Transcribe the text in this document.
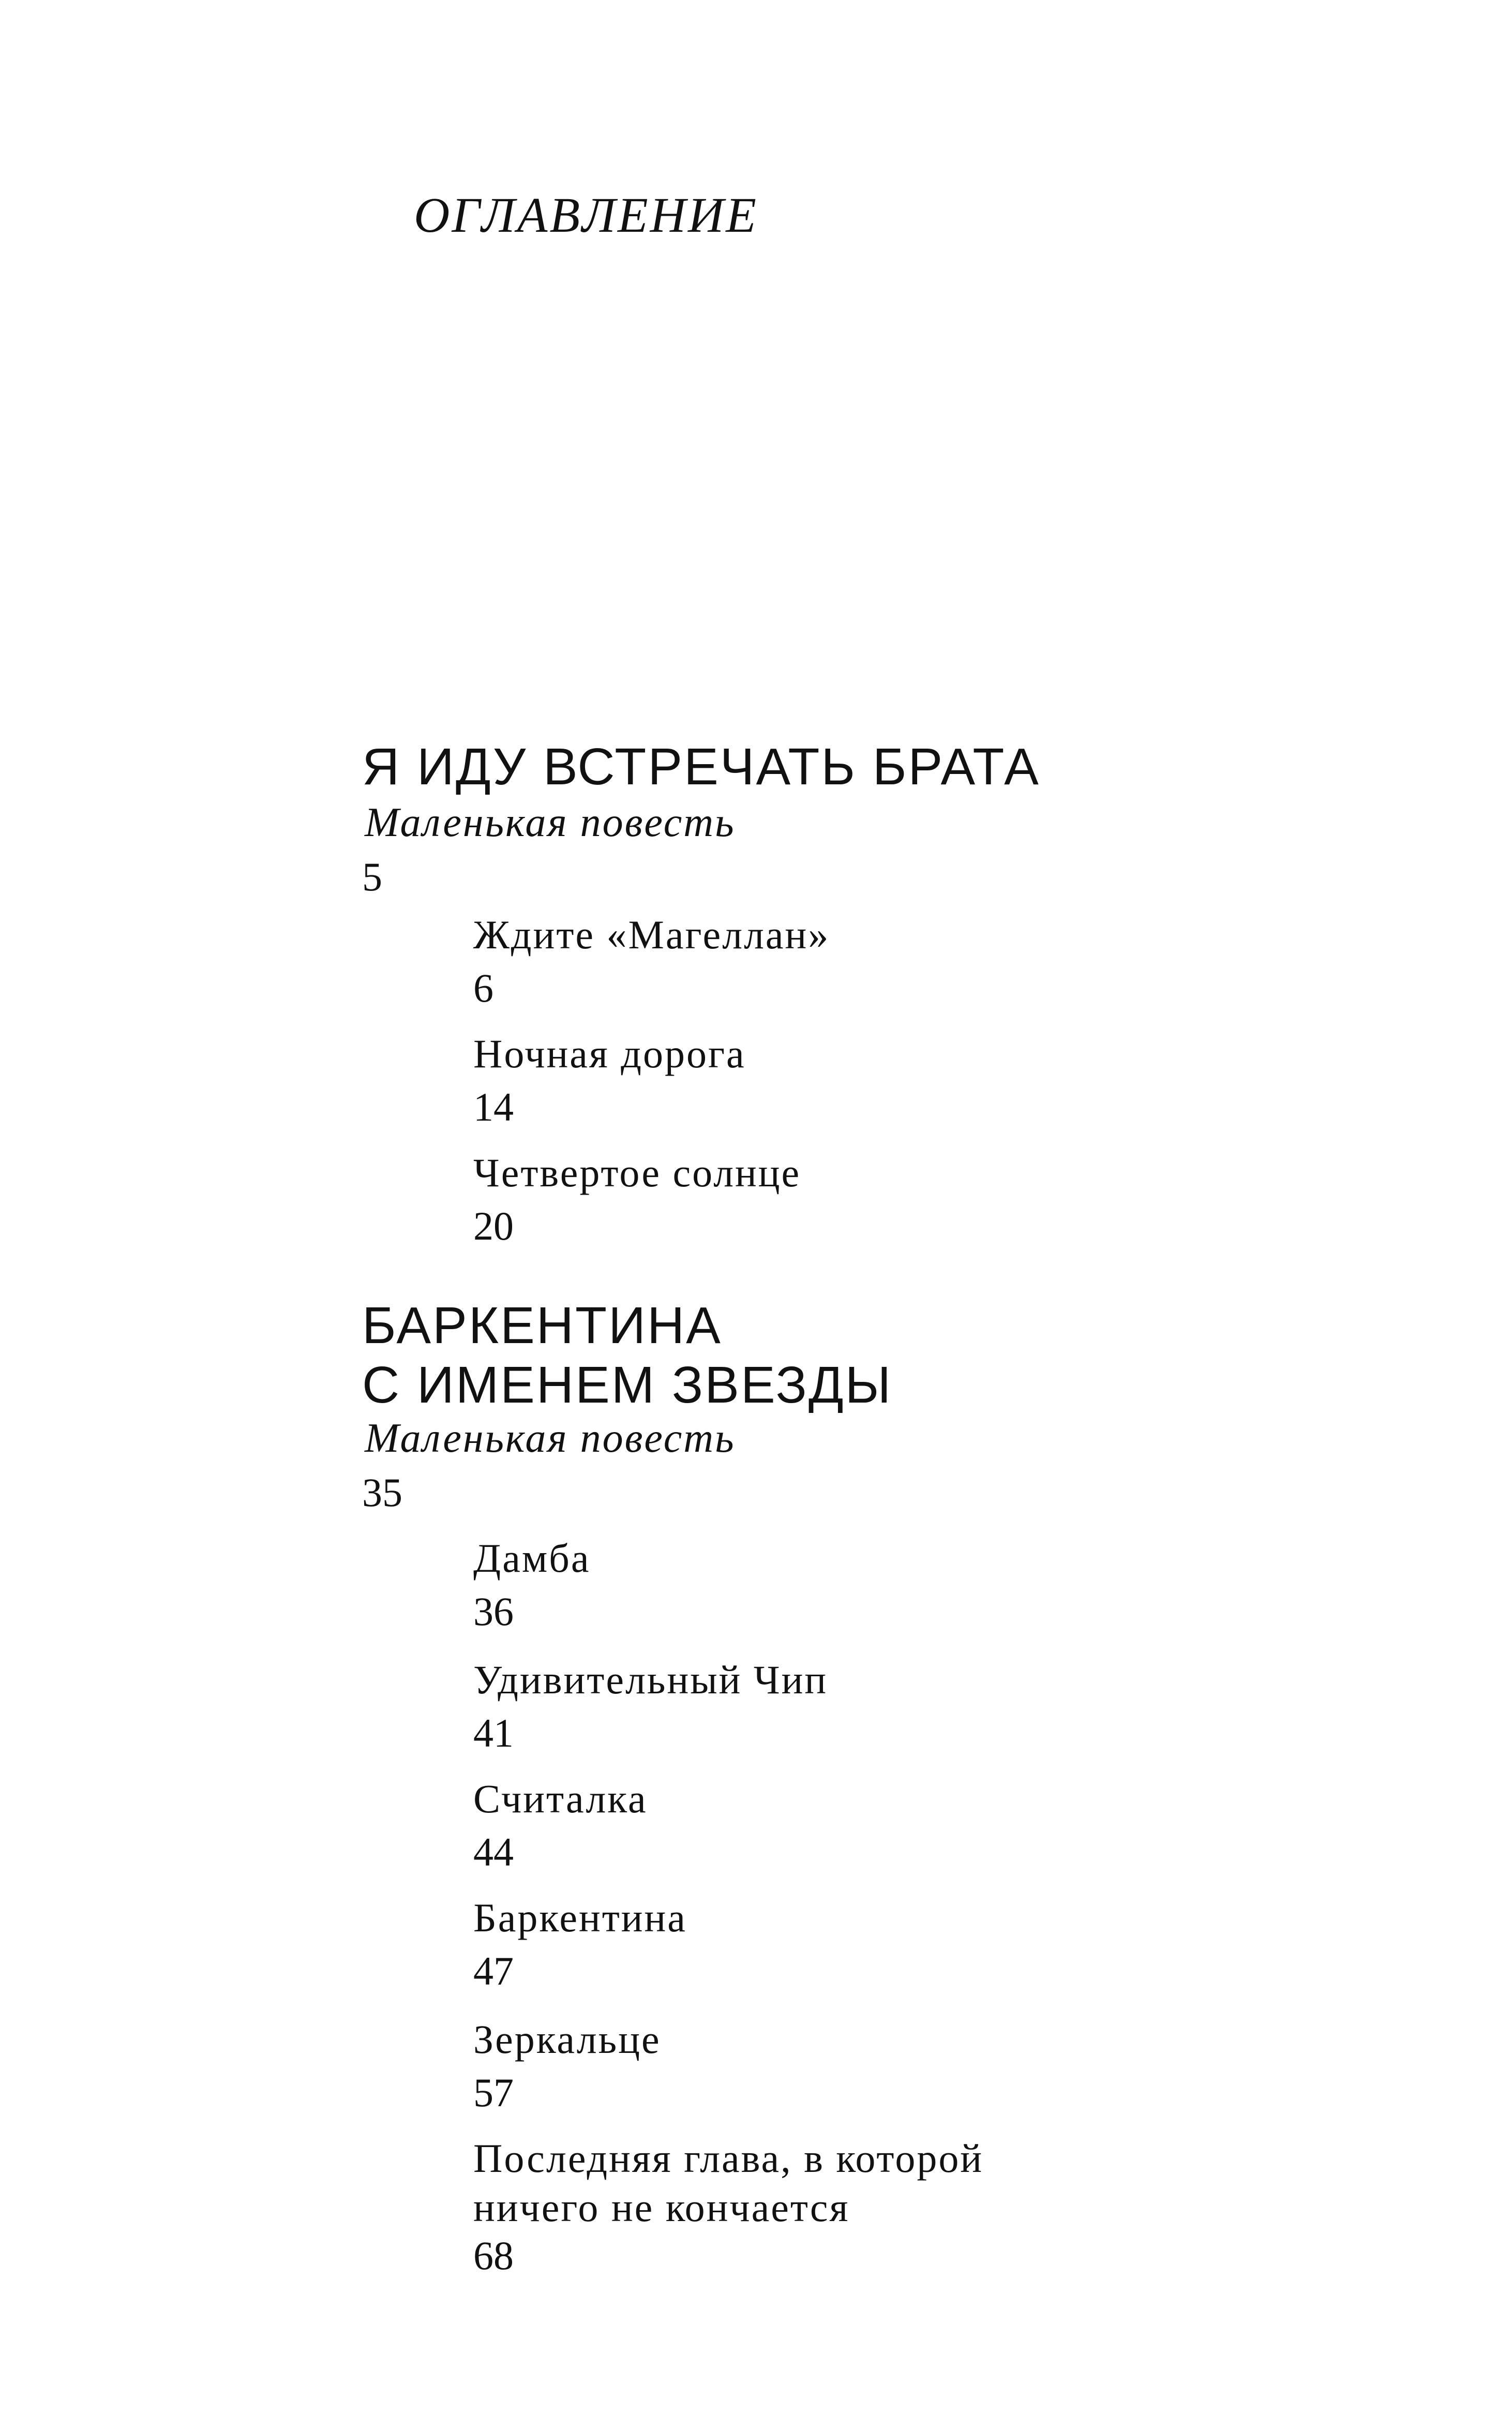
ОГЛАВЛЕНИЕ
Я ИДУ ВСТРЕЧАТЬ БРАТА
Маленькая повесть
5
Ждите «Магеллан»
6
Ночная дорога
14
Четвертое солнце
20
БАРКЕНТИНА
С ИМЕНЕМ ЗВЕЗДЫ
Маленькая повесть
35
Дамба
36
Удивительный Чип
41
Считалка
44
Баркентина
47
Зеркальце
57
Последняя глава, в которой
ничего не кончается
68
